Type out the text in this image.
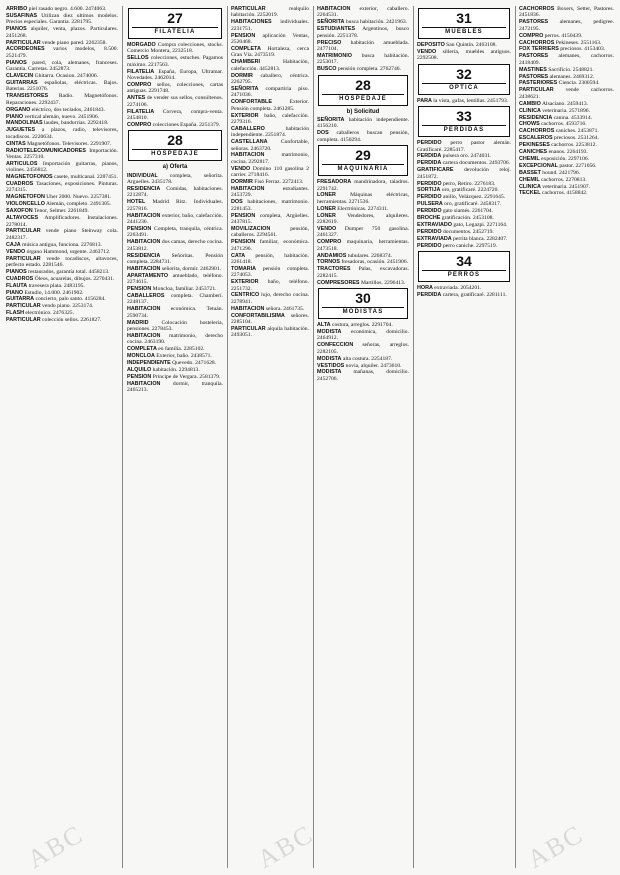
ARRIBO piel rasado negro. 4.600. 2474063.

SUSAFINAS Utilizan diez ultimos modelos. Precios especiales. Garantia. 2281795.

PIANOS alquiler, venta, plazos. Particulares. 2451268.

PARTICULAR vende piano pared. 2262358.

ACORDEONES varios modelos, 8.500. 2521479.

PIANOS pared, cola, alemanes, franceses. Garantia. Carretas. 2452873.

CLAVECIN Ghitarra. Ocasion. 2474006.

GUITARRAS españolas, eléctricas. Bajos. Baterias. 2251076.

TRANSISTORES Radio. Magnetófonos. Reparaciones. 2292437.

ORGANO eléctrico, dos teclados, 2461843.

PIANO vertical alemán, nuevo. 2451906.

MANDOLINAS laudes, bandurrias. 2292418.

JUGUETES a plazos, radio, televisores, tocadiscos. 2220634.

CINTAS Magnetófonos. Televisores. 2291907.

RADIOTELECOMUNICADORES Importación. Ventas. 2257310.

ARTICULOS Importación guitarras, pianos, violines. 2456812.

MAGNETOFONOS casete, multicanal. 2287451.

CUADROS Tasaciones, exposiciones. Pinturas. 2274315.

MAGNETOFON Uher 2000. Nuevo. 2257381.

VIOLONCELLO Alemán, completo. 2491305.

SAXOFON Tenor, Selmer. 2261849.

ALTAVOCES Amplificadores. Instalaciones. 2278014.

PARTICULAR vende piano Steinway cola. 2482317.

CAJA música antigua, funciona. 2276813.

VENDO órgano Hammond, urgente. 2463712.

PARTICULAR vende tocadiscos, altavoces, perfecto estado. 2281546.

PIANOS restaurados, garantía total. 4458213.

CUADROS Óleos, acuarelas, dibujos. 2270431.

FLAUTA travesera plata. 2483195.

PIANO Estudio, 14.000. 2461902.

GUITARRA concierto, palo santo. 4156284.

PARTICULAR vendo piano. 2253174.

FLASH electrónico. 2476325.

PARTICULAR colección sellos. 2261827.

27
FILATELIA

MORGADO Compra colecciones, stocks. Comercio Montera, 2232518.

SELLOS colecciones, estuches. Pagamos máximo. 2217563.

FILATELIA España, Europa, Ultramar. Novedades. 2462014.

COMPRO sellos, colecciones, cartas antiguas. 2291748.

ANTES de vender sus sellos, consúltenos. 2274106.

FILATELIA Corvera, compra-venta. 2454810.

COMPRO colecciones España. 2251379.

28
HOSPEDAJE
a) Oferta

INDIVIDUAL completa, señorita. Arguelles. 2435178.

RESIDENCIA Comidas, habitaciones. 2212874.

HOTEL Madrid Ritz. Individuales. 2257816.

HABITACION exterior, baño, calefacción. 2441236.

PENSION Completa, tranquila, céntrica. 2263491.

HABITACION dos camas, derecho cocina. 2453812.

RESIDENCIA Señoritas. Pensión completa. 2284731.

HABITACION señorita, dormir. 2462901.

APARTAMENTO amueblado, teléfono. 2274615.

PENSION Moncloa, familiar. 2453721.

CABALLEROS completa. Chamberí. 2248137.

HABITACION económica. Tetuán. 2590734.

MADRID Colocación hostelería, pensiones. 2278453.

HABITACION matrimonio, derecho cocina. 2463190.

COMPLETA en familia. 2285102.

MONCLOA Exterior, baño. 2438571.

INDEPENDIENTE Quevedo. 2471628.

ALQUILO habitación. 2294813.

PENSION Principe de Vergara. 2581379.

HABITACION dormir, tranquila. 2465213.

PARTICULAR	realquilo habitación. 2252019.

HABITACIONES individuales. 2231751.

PENSION aplicación Ventas, 2520468.

COMPLETA Hortaleza, cerca Gran Vía. 2473519.

CHAMBERI	Habitación, calefacción. 4452813.

DORMIR caballero, céntrica. 2262795.

SEÑORITA compartiria piso. 2471036.

CONFORTABLE	Exterior. Pensión completa. 2461285.

EXTERIOR baño, calefacción. 2279316.

CABALLERO	habitación independiente. 2251874.

CASTELLANA Confortable, señoras. 2463720.

HABITACION	matrimonio, cocina. 2292817.

VENDO Domino 110 gasolina 2 carrier. 2718416.

DORMIR Fisó Ferraz. 2272413.

HABITACION	estudiantes. 2453729.

DOS habitaciones, matrimonio. 2281453.

PENSION completa, Argüelles. 2437815.

MOVILIZACION	pensión, caballeros. 2294561.

PENSION familiar, económica. 2471296.

CATA pensión, habitación. 2261418.

TOMARIA pensión completa. 2274053.

EXTERIOR baño, teléfono. 2251732.

CENTRICO lujo, derecho cocina. 2278941.

HABITACION señora. 2461735.

CONFORTABILISIMA señores. 2285104.

PARTICULAR alquila habitación. 2493051.

HABITACION exterior, caballero. 2264531.

SEÑORITA busca habitación. 2421963.

ESTUDIANTES Argentinos, busco pensión. 2251378.

PRECISO habitación amueblada. 2477104.

MATRIMONIO busca habitación. 2253017.

BUSCO pensión completa. 2762746.

28
HOSPEDAJE
b) Solicitud

SEÑORITA habitación independiente. 4156210.

DOS caballeros buscan pensión, completa. 4150294.

29
MAQUINARIA

FRESADORA mandrinadora, taladros. 2291742.

LONER	Máquinas eléctricas, herramientas. 2271536.

LONER Electrónicas. 2274311.

LONER Vendedores, alquileres. 2282619.

VENDO Dumper 750 gasolina. 2461327.

COMPRO maquinaria, herramientas. 2473518.

ANDAMIOS tubulares. 2268374.

TORNOS fresadoras, ocasión. 2451906.

TRACTORES Palas, excavadoras. 2282415.

COMPRESORES Martillos. 2296413.

30
MODISTAS

ALTA costura, arreglos. 2291704.

MODISTA económica, domicilio. 2464912.

CONFECCION señoras, arreglos. 2282105.

MODISTA alta costura. 2254187.

VESTIDOS novia, alquiler. 2473610.

MODISTA mañanas, domicilio. 2452706.

31
MUEBLES

DEPOSITO San Quintín. 2463108.

VENDO sillería, muebles antiguos. 2292508.

32
OPTICA

PARA la vista, gafas, lentillas. 2451793.

33
PERDIDAS

PERDIDO perro pastor alemán. Gratificaré. 2285417.

PERDIDA pulsera oro. 2474031.

PERDIDA cartera documentos. 2493706.

GRATIFICARE devolución reloj. 2451872.

PERDIDO perro, Retiro. 2276183.

SORTIJA oro, gratificaré. 2224720.

PERDIDO anillo, Velázquez. 2291645.

PULSERA oro, gratificaré. 2458317.

PERDIDO gato siamés. 2261704.

BROCHE gratificación. 2453108.

EXTRAVIADO gato, Legazpi. 2271164.

PERDIDO documentos. 2452719.

EXTRAVIADA perrita blanca. 2282407.

PERDIDO perro caniche. 2297519.

34
PERROS

HORA extraviada. 2054201.

PERDIDA cartera, gratificaré. 2281111.

CACHORROS Boxers, Setter, Pastores. 2451836.

PASTORES alemanes, pedigree. 2472195.

COMPRO perros. 4150439.

CACHORROS Pekineses. 2551163.

FOX TERRIERS preciosos. 4153403.

PASTORES alemanes, cachorros. 2418409.

MASTINES Sacrificio. 2548821.

PASTORES alemanes. 2469312.

PASTERIORES Ciencia. 2300594.

PARTICULAR vende cachorros. 2438621.

CAMBIO Alsaciano. 2459413.

CLINICA veterinaria. 2571896.

RESIDENCIA canina. 4533914.

CHOWS cachorros. 4593716.

CACHORROS caniches. 2453871.

ESCALEROS preciosos. 2531264.

PEKINESES cachorros. 2253812.

CANICHES enanos. 2264193.

CHEMIL exposición. 2297106.

EXCEPCIONAL pastor. 2271056.

BASSET hound. 2421796.

CHEMIL cachorros. 2270813.

CLINICA veterinaria. 2451907.

TECKEL cachorros. 4158842.

ABC	ABC	ABC
